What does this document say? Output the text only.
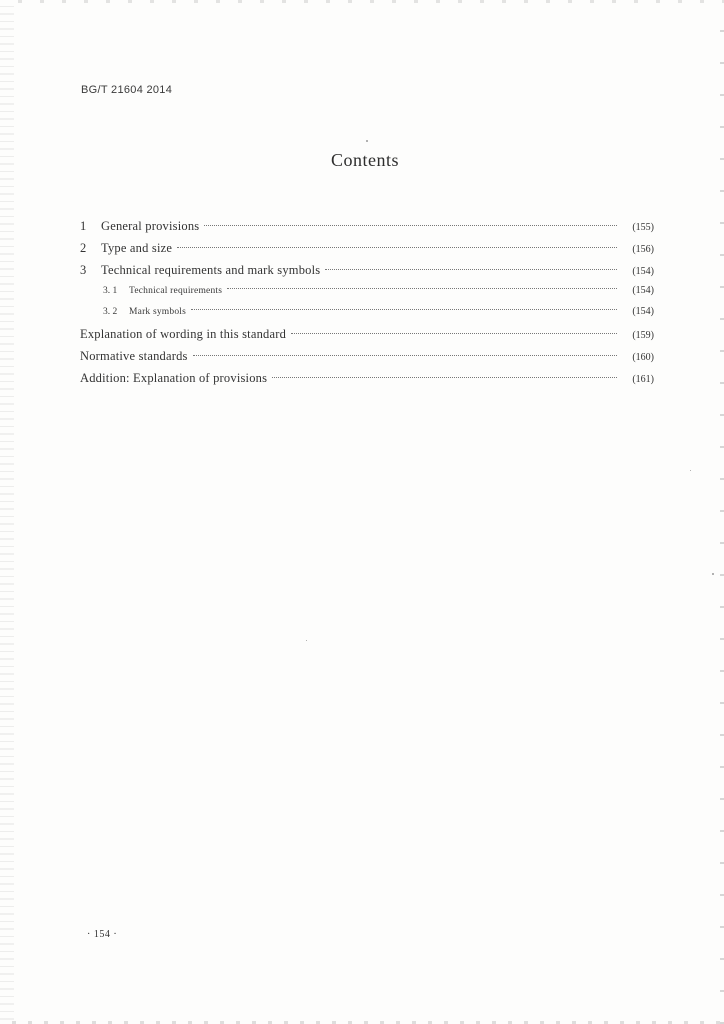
BG/T 21604 2014
Contents
1	General provisions	(155)
2	Type and size	(156)
3	Technical requirements and mark symbols	(154)
3. 1	Technical requirements	(154)
3. 2	Mark symbols	(154)
Explanation of wording in this standard	(159)
Normative standards	(160)
Addition: Explanation of provisions	(161)
· 154 ·
